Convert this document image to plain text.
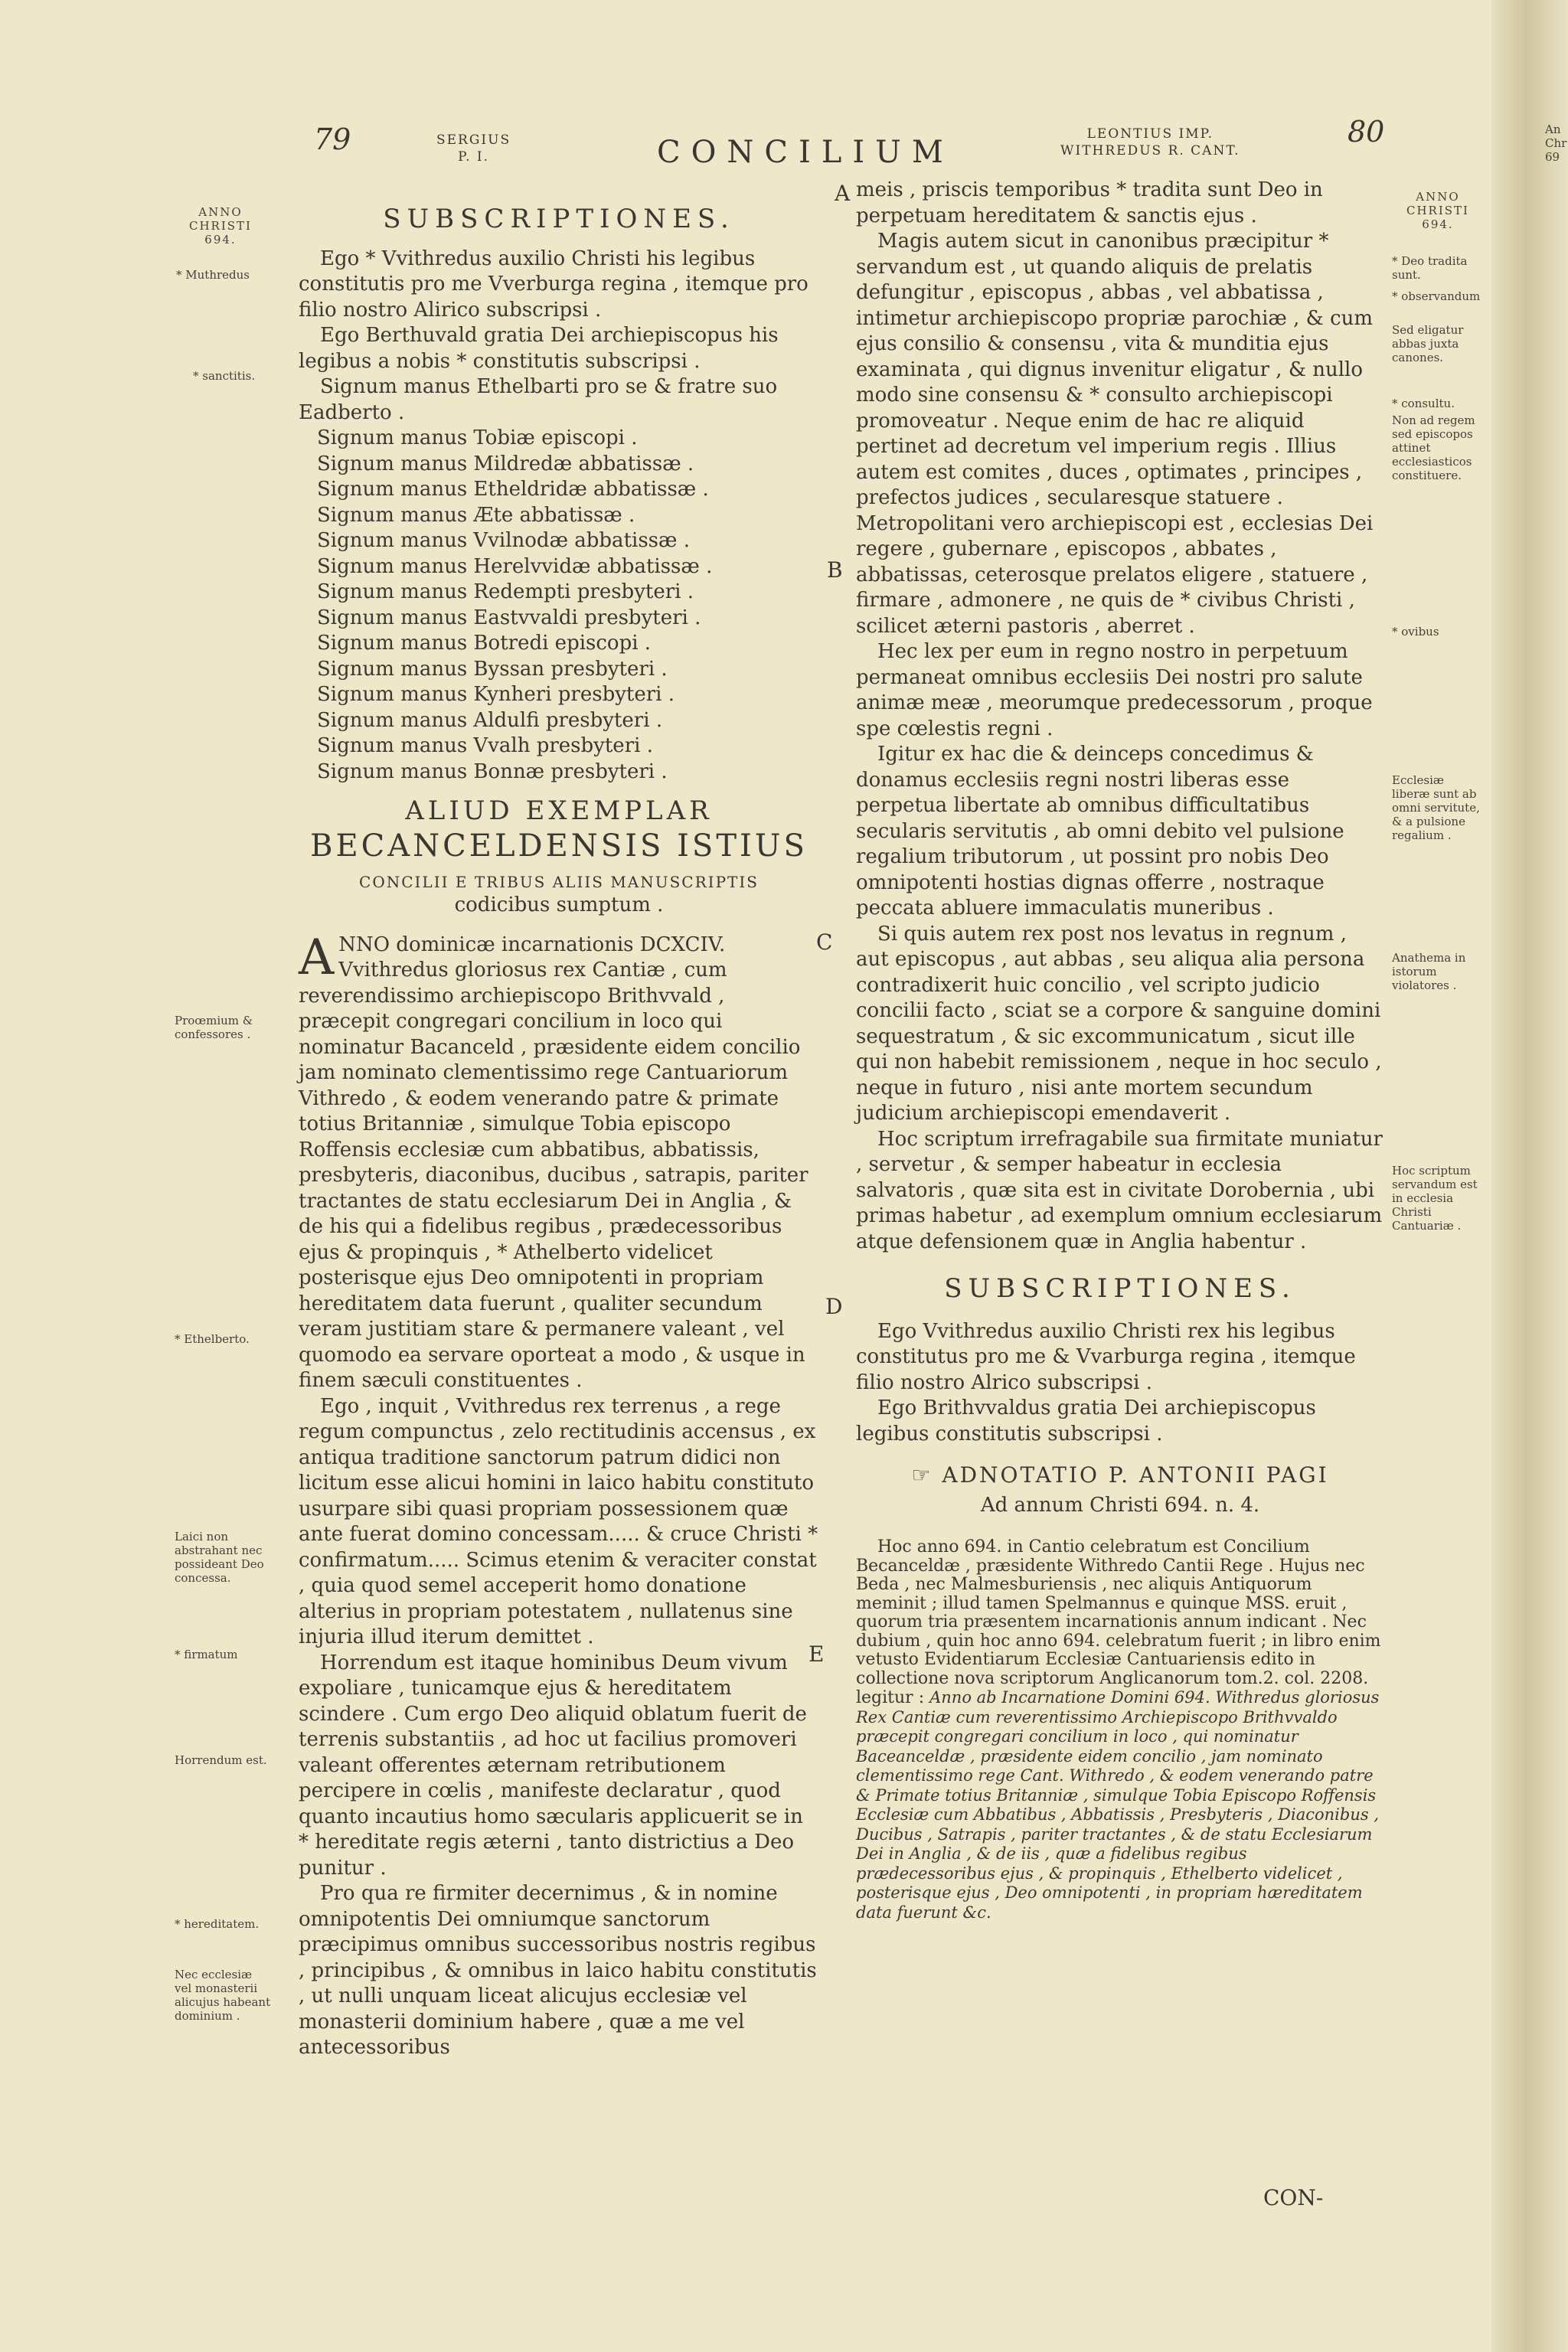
79	SERGIUS
P. I.	CONCILIUM
LEONTIUS IMP.
WITHREDUS R. CANT.
80
ANNO
CHRISTI
694.
* Muthredus
* sanctitis.
Proœmium & confessores .
* Ethelberto.
Laici non abstrahant nec possideant Deo concessa.
* firmatum
Horrendum est.
* hereditatem.
Nec ecclesiæ vel monasterii alicujus habeant dominium .

SUBSCRIPTIONES.

Ego * Vvithredus auxilio Christi his legibus constitutis pro me Vverburga regina , itemque pro filio nostro Alirico subscripsi .

Ego Berthuvald gratia Dei archiepiscopus his legibus a nobis * constitutis subscripsi .

Signum manus Ethelbarti pro se & fratre suo Eadberto .

Signum manus Tobiæ episcopi .

Signum manus Mildredæ abbatissæ .

Signum manus Etheldridæ abbatissæ .

Signum manus Æte abbatissæ .

Signum manus Vvilnodæ abbatissæ .

Signum manus Herelvvidæ abbatissæ .

Signum manus Redempti presbyteri .

Signum manus Eastvvaldi presbyteri .

Signum manus Botredi episcopi .

Signum manus Byssan presbyteri .

Signum manus Kynheri presbyteri .

Signum manus Aldulfi presbyteri .

Signum manus Vvalh presbyteri .

Signum manus Bonnæ presbyteri .

ALIUD EXEMPLAR

BECANCELDENSIS ISTIUS

CONCILII E TRIBUS ALIIS MANUSCRIPTIS

codicibus sumptum .

ANNO dominicæ incarnationis DCXCIV. Vvithredus gloriosus rex Cantiæ , cum reverendissimo archiepiscopo Brithvvald , præcepit congregari concilium in loco qui nominatur Bacanceld , præsidente eidem concilio jam nominato clementissimo rege Cantuariorum Vithredo , & eodem venerando patre & primate totius Britanniæ , simulque Tobia episcopo Roffensis ecclesiæ cum abbatibus, abbatissis, presbyteris, diaconibus, ducibus , satrapis, pariter tractantes de statu ecclesiarum Dei in Anglia , & de his qui a fidelibus regibus , prædecessoribus ejus & propinquis , * Athelberto videlicet posterisque ejus Deo omnipotenti in propriam hereditatem data fuerunt , qualiter secundum veram justitiam stare & permanere valeant , vel quomodo ea servare oporteat a modo , & usque in finem sæculi constituentes .

Ego , inquit , Vvithredus rex terrenus , a rege regum compunctus , zelo rectitudinis accensus , ex antiqua traditione sanctorum patrum didici non licitum esse alicui homini in laico habitu constituto usurpare sibi quasi propriam possessionem quæ ante fuerat domino concessam..... & cruce Christi * confirmatum..... Scimus etenim & veraciter constat , quia quod semel acceperit homo donatione alterius in propriam potestatem , nullatenus sine injuria illud iterum demittet .

Horrendum est itaque hominibus Deum vivum expoliare , tunicamque ejus & hereditatem scindere . Cum ergo Deo aliquid oblatum fuerit de terrenis substantiis , ad hoc ut facilius promoveri valeant offerentes æternam retributionem percipere in cœlis , manifeste declaratur , quod quanto incautius homo sæcularis applicuerit se in * hereditate regis æterni , tanto districtius a Deo punitur .

Pro qua re firmiter decernimus , & in nomine omnipotentis Dei omniumque sanctorum præcipimus omnibus successoribus nostris regibus , principibus , & omnibus in laico habitu constitutis , ut nulli unquam liceat alicujus ecclesiæ vel monasterii dominium habere , quæ a me vel antecessoribus

A
B
C
D
E

meis , priscis temporibus * tradita sunt Deo in perpetuam hereditatem & sanctis ejus .

Magis autem sicut in canonibus præcipitur * servandum est , ut quando aliquis de prelatis defungitur , episcopus , abbas , vel abbatissa , intimetur archiepiscopo propriæ parochiæ , & cum ejus consilio & consensu , vita & munditia ejus examinata , qui dignus invenitur eligatur , & nullo modo sine consensu & * consulto archiepiscopi promoveatur . Neque enim de hac re aliquid pertinet ad decretum vel imperium regis . Illius autem est comites , duces , optimates , principes , prefectos judices , secularesque statuere . Metropolitani vero archiepiscopi est , ecclesias Dei regere , gubernare , episcopos , abbates , abbatissas, ceterosque prelatos eligere , statuere , firmare , admonere , ne quis de * civibus Christi , scilicet æterni pastoris , aberret .

Hec lex per eum in regno nostro in perpetuum permaneat omnibus ecclesiis Dei nostri pro salute animæ meæ , meorumque predecessorum , proque spe cœlestis regni .

Igitur ex hac die & deinceps concedimus & donamus ecclesiis regni nostri liberas esse perpetua libertate ab omnibus difficultatibus secularis servitutis , ab omni debito vel pulsione regalium tributorum , ut possint pro nobis Deo omnipotenti hostias dignas offerre , nostraque peccata abluere immaculatis muneribus .

Si quis autem rex post nos levatus in regnum , aut episcopus , aut abbas , seu aliqua alia persona contradixerit huic concilio , vel scripto judicio concilii facto , sciat se a corpore & sanguine domini sequestratum , & sic excommunicatum , sicut ille qui non habebit remissionem , neque in hoc seculo , neque in futuro , nisi ante mortem secundum judicium archiepiscopi emendaverit .

Hoc scriptum irrefragabile sua firmitate muniatur , servetur , & semper habeatur in ecclesia salvatoris , quæ sita est in civitate Dorobernia , ubi primas habetur , ad exemplum omnium ecclesiarum atque defensionem quæ in Anglia habentur .

SUBSCRIPTIONES.

Ego Vvithredus auxilio Christi rex his legibus constitutus pro me & Vvarburga regina , itemque filio nostro Alrico subscripsi .

Ego Brithvvaldus gratia Dei archiepiscopus legibus constitutis subscripsi .

☞ ADNOTATIO P. ANTONII PAGI

Ad annum Christi 694. n. 4.

Hoc anno 694. in Cantio celebratum est Concilium Becanceldæ , præsidente Withredo Cantii Rege . Hujus nec Beda , nec Malmesburiensis , nec aliquis Antiquorum meminit ; illud tamen Spelmannus e quinque MSS. eruit , quorum tria præsentem incarnationis annum indicant . Nec dubium , quin hoc anno 694. celebratum fuerit ; in libro enim vetusto Evidentiarum Ecclesiæ Cantuariensis edito in collectione nova scriptorum Anglicanorum tom.2. col. 2208. legitur : Anno ab Incarnatione Domini 694. Withredus gloriosus Rex Cantiæ cum reverentissimo Archiepiscopo Brithvvaldo præcepit congregari concilium in loco , qui nominatur Baceanceldæ , præsidente eidem concilio , jam nominato clementissimo rege Cant. Withredo , & eodem venerando patre & Primate totius Britanniæ , simulque Tobia Episcopo Roffensis Ecclesiæ cum Abbatibus , Abbatissis , Presbyteris , Diaconibus , Ducibus , Satrapis , pariter tractantes , & de statu Ecclesiarum Dei in Anglia , & de iis , quæ a fidelibus regibus prædecessoribus ejus , & propinquis , Ethelberto videlicet , posterisque ejus , Deo omnipotenti , in propriam hæreditatem data fuerunt &c.

CON-
ANNO
CHRISTI
694.
* Deo tradita sunt.
* observandum
Sed eligatur abbas juxta canones.
* consultu.
Non ad regem sed episcopos attinet ecclesiasticos constituere.
* ovibus
Ecclesiæ liberæ sunt ab omni servitute, & a pulsione regalium .
Anathema in istorum violatores .
Hoc scriptum servandum est in ecclesia Christi Cantuariæ .
An
Chr
69
